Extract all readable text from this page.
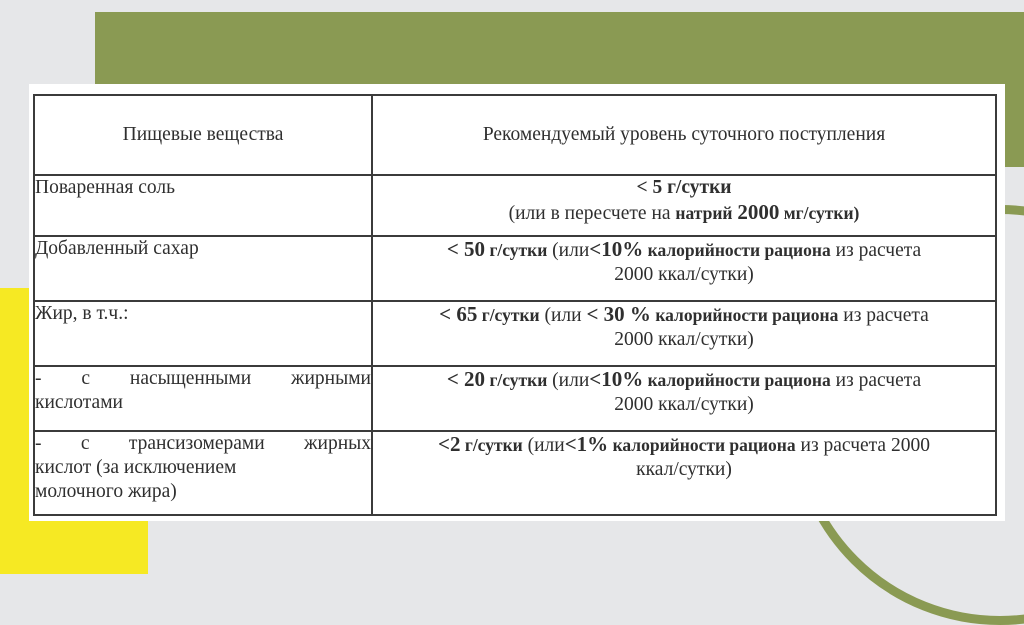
Пищевые вещества	Рекомендуемый уровень суточного поступления
Поваренная соль	< 5 г/сутки
(или в пересчете на натрий 2000 мг/сутки)

Добавленный сахар	< 50 г/сутки (или<10% калорийности рациона из расчета
2000 ккал/сутки)

Жир, в т.ч.:	< 65 г/сутки (или < 30 % калорийности рациона из расчета
2000 ккал/сутки)

- с насыщенными жирными
кислотами	< 20 г/сутки (или<10% калорийности рациона из расчета
2000 ккал/сутки)

- с трансизомерами жирных
кислот (за исключением
молочного жира)	<2 г/сутки (или<1% калорийности рациона из расчета 2000
ккал/сутки)
